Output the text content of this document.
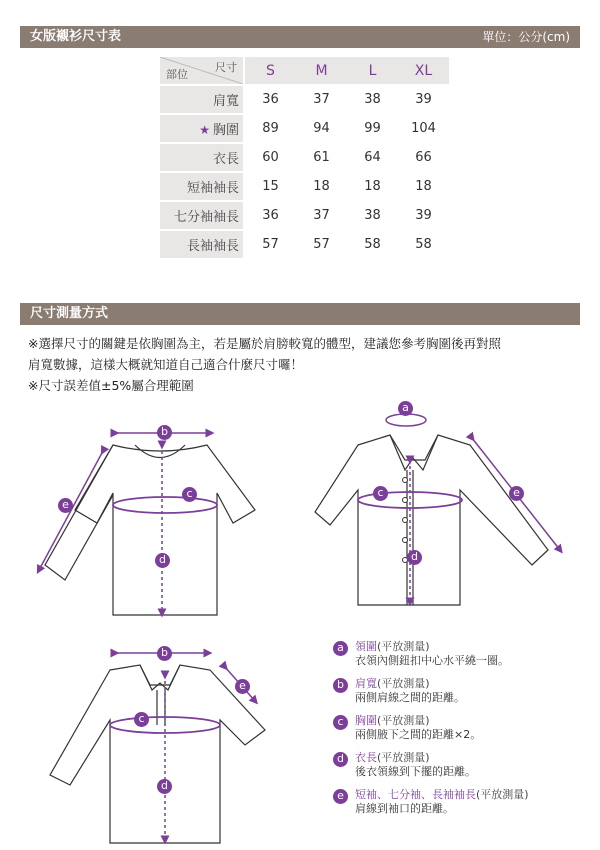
女版襯衫尺寸表	單位：公分(cm)
尺寸
部位	S	M	L	XL
肩寬	36	37	38	39
★ 胸圍	89	94	99	104
衣長	60	61	64	66
短袖袖長	15	18	18	18
七分袖袖長	36	37	38	39
長袖袖長	57	57	58	58
尺寸測量方式
※選擇尺寸的關鍵是依胸圍為主，若是屬於肩膀較寬的體型，建議您參考胸圍後再對照
肩寬數據，這樣大概就知道自己適合什麼尺寸囉！
※尺寸誤差值±5%屬合理範圍
b
c
d
e
a
c
d
e
b
c
d
e
a	領圍(平放測量)
衣領內側鈕扣中心水平繞一圈。
b	肩寬(平放測量)
兩側肩線之間的距離。
c	胸圍(平放測量)
兩側腋下之間的距離×2。
d	衣長(平放測量)
後衣領線到下擺的距離。
e	短袖、七分袖、長袖袖長(平放測量)
肩線到袖口的距離。
